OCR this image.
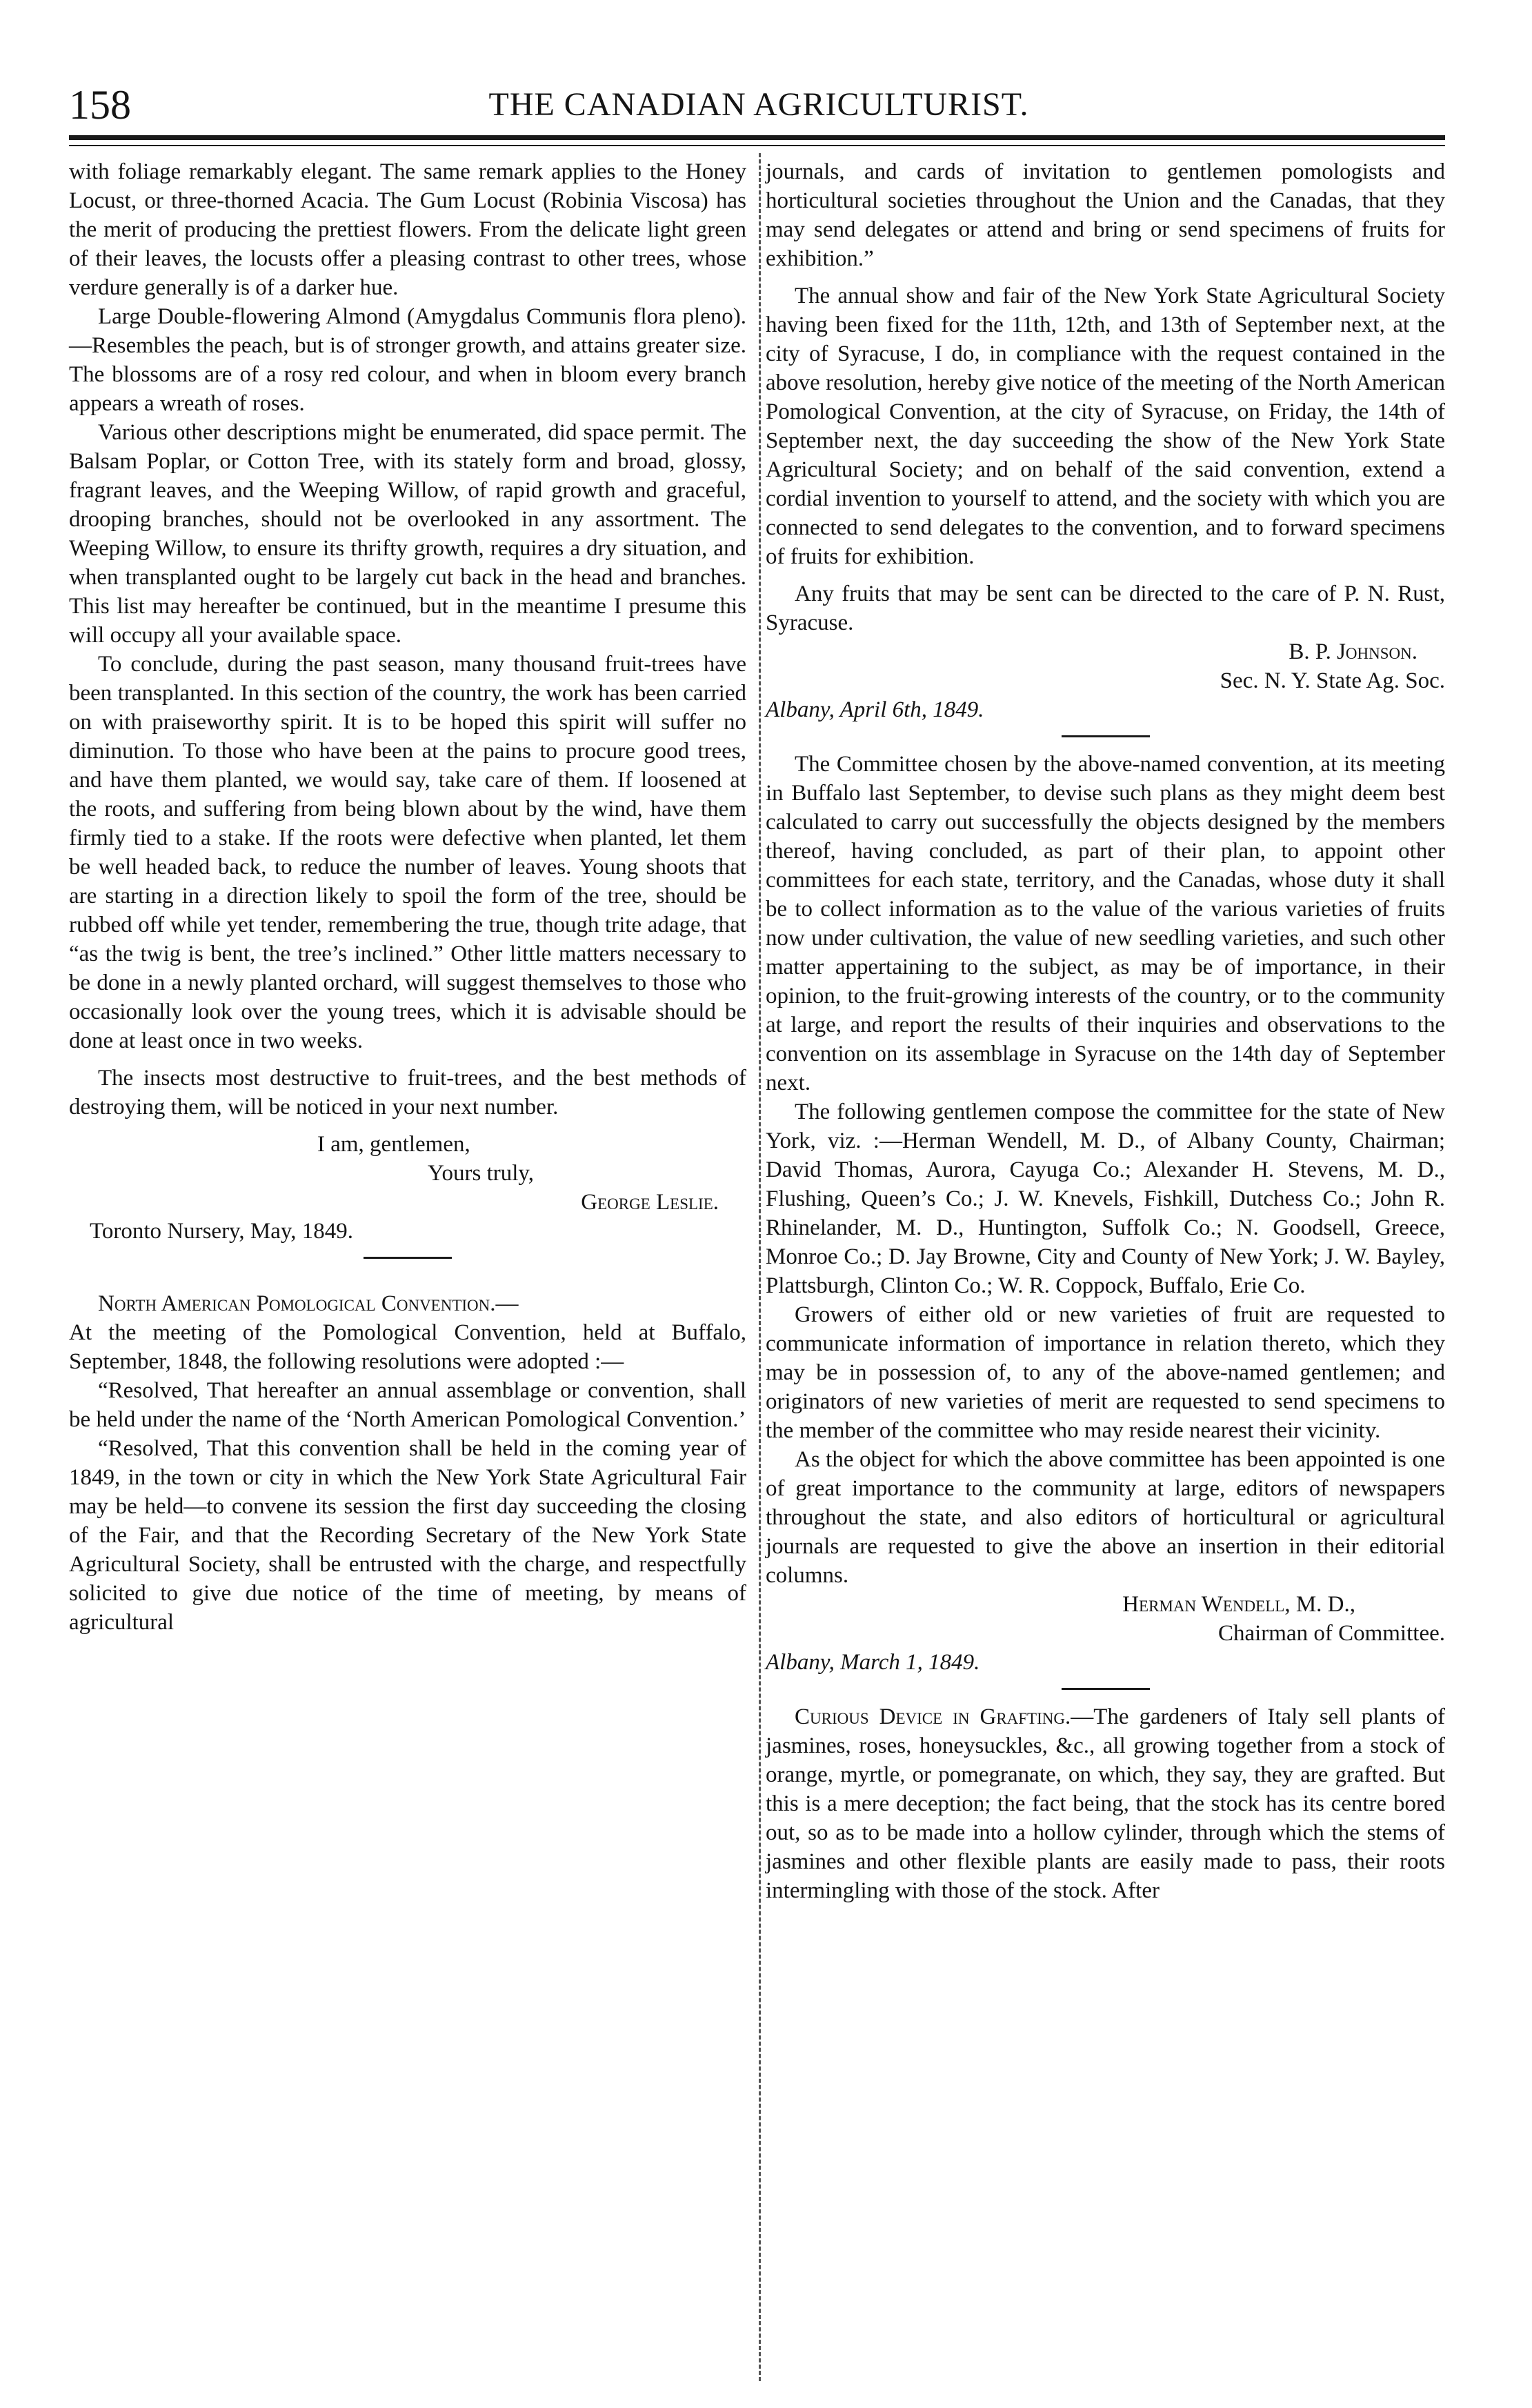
158	THE CANADIAN AGRICULTURIST.

with foliage remarkably elegant. The same remark applies to the Honey Locust, or three-thorned Acacia. The Gum Locust (Robinia Viscosa) has the merit of producing the prettiest flowers. From the delicate light green of their leaves, the locusts offer a pleasing contrast to other trees, whose verdure generally is of a darker hue.

Large Double-flowering Almond (Amygdalus Communis flora pleno).—Resembles the peach, but is of stronger growth, and attains greater size. The blossoms are of a rosy red colour, and when in bloom every branch appears a wreath of roses.

Various other descriptions might be enumerated, did space permit. The Balsam Poplar, or Cotton Tree, with its stately form and broad, glossy, fragrant leaves, and the Weeping Willow, of rapid growth and graceful, drooping branches, should not be overlooked in any assortment. The Weeping Willow, to ensure its thrifty growth, requires a dry situation, and when transplanted ought to be largely cut back in the head and branches. This list may hereafter be continued, but in the meantime I presume this will occupy all your available space.

To conclude, during the past season, many thousand fruit-trees have been transplanted. In this section of the country, the work has been carried on with praiseworthy spirit. It is to be hoped this spirit will suffer no diminution. To those who have been at the pains to procure good trees, and have them planted, we would say, take care of them. If loosened at the roots, and suffering from being blown about by the wind, have them firmly tied to a stake. If the roots were defective when planted, let them be well headed back, to reduce the number of leaves. Young shoots that are starting in a direction likely to spoil the form of the tree, should be rubbed off while yet tender, remembering the true, though trite adage, that “as the twig is bent, the tree’s inclined.” Other little matters necessary to be done in a newly planted orchard, will suggest themselves to those who occasionally look over the young trees, which it is advisable should be done at least once in two weeks.

The insects most destructive to fruit-trees, and the best methods of destroying them, will be noticed in your next number.

I am, gentlemen,

Yours truly,

George Leslie.

Toronto Nursery, May, 1849.

North American Pomological Convention.—

At the meeting of the Pomological Convention, held at Buffalo, September, 1848, the following resolutions were adopted :—

“Resolved, That hereafter an annual assemblage or convention, shall be held under the name of the ‘North American Pomological Convention.’

“Resolved, That this convention shall be held in the coming year of 1849, in the town or city in which the New York State Agricultural Fair may be held—to convene its session the first day succeeding the closing of the Fair, and that the Recording Secretary of the New York State Agricultural Society, shall be entrusted with the charge, and respectfully solicited to give due notice of the time of meeting, by means of agricultural

journals, and cards of invitation to gentlemen pomologists and horticultural societies throughout the Union and the Canadas, that they may send delegates or attend and bring or send specimens of fruits for exhibition.”

The annual show and fair of the New York State Agricultural Society having been fixed for the 11th, 12th, and 13th of September next, at the city of Syracuse, I do, in compliance with the request contained in the above resolution, hereby give notice of the meeting of the North American Pomological Convention, at the city of Syracuse, on Friday, the 14th of September next, the day succeeding the show of the New York State Agricultural Society; and on behalf of the said convention, extend a cordial invention to yourself to attend, and the society with which you are connected to send delegates to the convention, and to forward specimens of fruits for exhibition.

Any fruits that may be sent can be directed to the care of P. N. Rust, Syracuse.

B. P. Johnson.

Sec. N. Y. State Ag. Soc.

Albany, April 6th, 1849.

The Committee chosen by the above-named convention, at its meeting in Buffalo last September, to devise such plans as they might deem best calculated to carry out successfully the objects designed by the members thereof, having concluded, as part of their plan, to appoint other committees for each state, territory, and the Canadas, whose duty it shall be to collect information as to the value of the various varieties of fruits now under cultivation, the value of new seedling varieties, and such other matter appertaining to the subject, as may be of importance, in their opinion, to the fruit-growing interests of the country, or to the community at large, and report the results of their inquiries and observations to the convention on its assemblage in Syracuse on the 14th day of September next.

The following gentlemen compose the committee for the state of New York, viz. :—Herman Wendell, M. D., of Albany County, Chairman; David Thomas, Aurora, Cayuga Co.; Alexander H. Stevens, M. D., Flushing, Queen’s Co.; J. W. Knevels, Fishkill, Dutchess Co.; John R. Rhinelander, M. D., Huntington, Suffolk Co.; N. Goodsell, Greece, Monroe Co.; D. Jay Browne, City and County of New York; J. W. Bayley, Plattsburgh, Clinton Co.; W. R. Coppock, Buffalo, Erie Co.

Growers of either old or new varieties of fruit are requested to communicate information of importance in relation thereto, which they may be in possession of, to any of the above-named gentlemen; and originators of new varieties of merit are requested to send specimens to the member of the committee who may reside nearest their vicinity.

As the object for which the above committee has been appointed is one of great importance to the community at large, editors of newspapers throughout the state, and also editors of horticultural or agricultural journals are requested to give the above an insertion in their editorial columns.

Herman Wendell, M. D.,

Chairman of Committee.

Albany, March 1, 1849.

Curious Device in Grafting.—The gardeners of Italy sell plants of jasmines, roses, honeysuckles, &c., all growing together from a stock of orange, myrtle, or pomegranate, on which, they say, they are grafted. But this is a mere deception; the fact being, that the stock has its centre bored out, so as to be made into a hollow cylinder, through which the stems of jasmines and other flexible plants are easily made to pass, their roots intermingling with those of the stock. After
